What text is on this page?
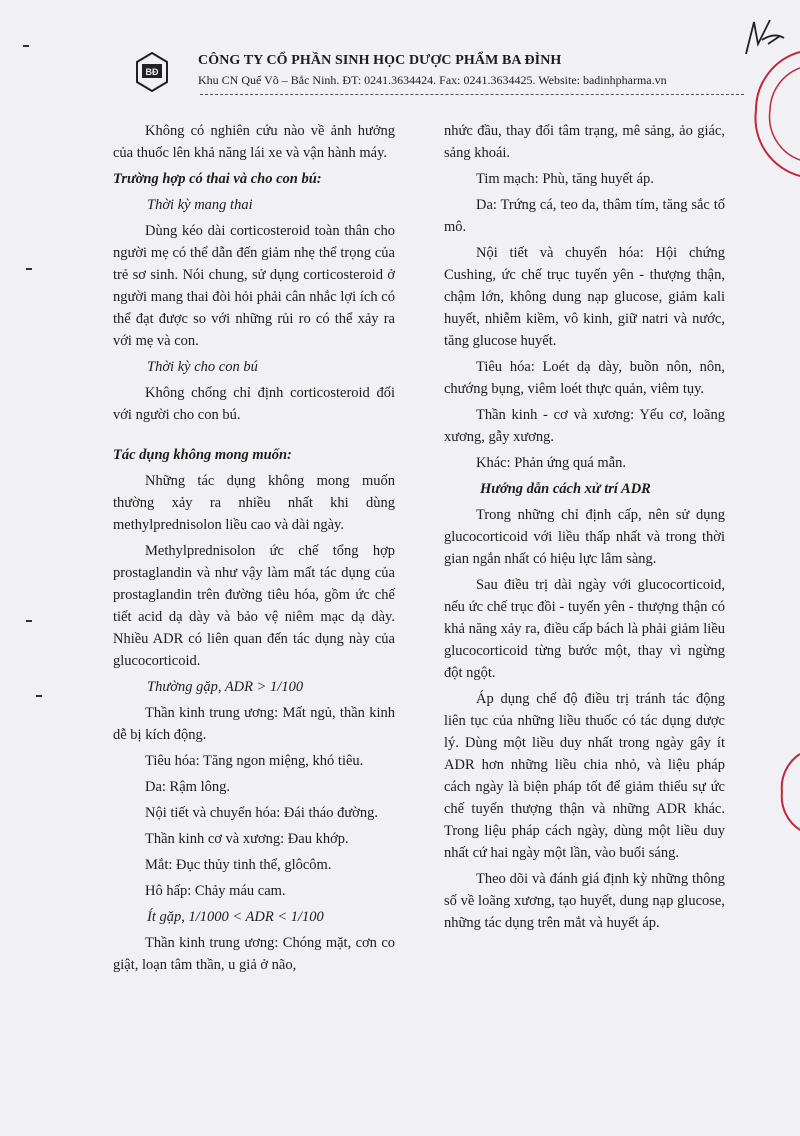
BĐ
CÔNG TY CỔ PHẦN SINH HỌC DƯỢC PHẨM BA ĐÌNH
Khu CN Quế Võ – Bắc Ninh. ĐT: 0241.3634424. Fax: 0241.3634425. Website: badinhpharma.vn

Không có nghiên cứu nào về ảnh hưởng của thuốc lên khả năng lái xe và vận hành máy.

Trường hợp có thai và cho con bú:

Thời kỳ mang thai

Dùng kéo dài corticosteroid toàn thân cho người mẹ có thể dẫn đến giảm nhẹ thể trọng của trẻ sơ sinh. Nói chung, sử dụng corticosteroid ở người mang thai đòi hỏi phải cân nhắc lợi ích có thể đạt được so với những rủi ro có thể xảy ra với mẹ và con.

Thời kỳ cho con bú

Không chống chỉ định corticosteroid đối với người cho con bú.

Tác dụng không mong muốn:

Những tác dụng không mong muốn thường xảy ra nhiều nhất khi dùng methylprednisolon liều cao và dài ngày.

Methylprednisolon ức chế tổng hợp prostaglandin và như vậy làm mất tác dụng của prostaglandin trên đường tiêu hóa, gồm ức chế tiết acid dạ dày và bảo vệ niêm mạc dạ dày. Nhiều ADR có liên quan đến tác dụng này của glucocorticoid.

Thường gặp, ADR > 1/100

Thần kinh trung ương: Mất ngủ, thần kinh dễ bị kích động.

Tiêu hóa: Tăng ngon miệng, khó tiêu.

Da: Rậm lông.

Nội tiết và chuyển hóa: Đái tháo đường.

Thần kinh cơ và xương: Đau khớp.

Mắt: Đục thủy tinh thể, glôcôm.

Hô hấp: Chảy máu cam.

Ít gặp, 1/1000 < ADR < 1/100

Thần kinh trung ương: Chóng mặt, cơn co giật, loạn tâm thần, u giả ở não,

nhức đầu, thay đổi tâm trạng, mê sảng, ảo giác, sảng khoái.

Tim mạch: Phù, tăng huyết áp.

Da: Trứng cá, teo da, thâm tím, tăng sắc tố mô.

Nội tiết và chuyển hóa: Hội chứng Cushing, ức chế trục tuyến yên - thượng thận, chậm lớn, không dung nạp glucose, giảm kali huyết, nhiễm kiềm, vô kinh, giữ natri và nước, tăng glucose huyết.

Tiêu hóa: Loét dạ dày, buồn nôn, nôn, chướng bụng, viêm loét thực quản, viêm tụy.

Thần kinh - cơ và xương: Yếu cơ, loãng xương, gẫy xương.

Khác: Phản ứng quá mẫn.

Hướng dẫn cách xử trí ADR

Trong những chỉ định cấp, nên sử dụng glucocorticoid với liều thấp nhất và trong thời gian ngắn nhất có hiệu lực lâm sàng.

Sau điều trị dài ngày với glucocorticoid, nếu ức chế trục đồi - tuyến yên - thượng thận có khả năng xảy ra, điều cấp bách là phải giảm liều glucocorticoid từng bước một, thay vì ngừng đột ngột.

Áp dụng chế độ điều trị tránh tác động liên tục của những liều thuốc có tác dụng dược lý. Dùng một liều duy nhất trong ngày gây ít ADR hơn những liều chia nhỏ, và liệu pháp cách ngày là biện pháp tốt để giảm thiểu sự ức chế tuyến thượng thận và những ADR khác. Trong liệu pháp cách ngày, dùng một liều duy nhất cứ hai ngày một lần, vào buổi sáng.

Theo dõi và đánh giá định kỳ những thông số về loãng xương, tạo huyết, dung nạp glucose, những tác dụng trên mắt và huyết áp.
